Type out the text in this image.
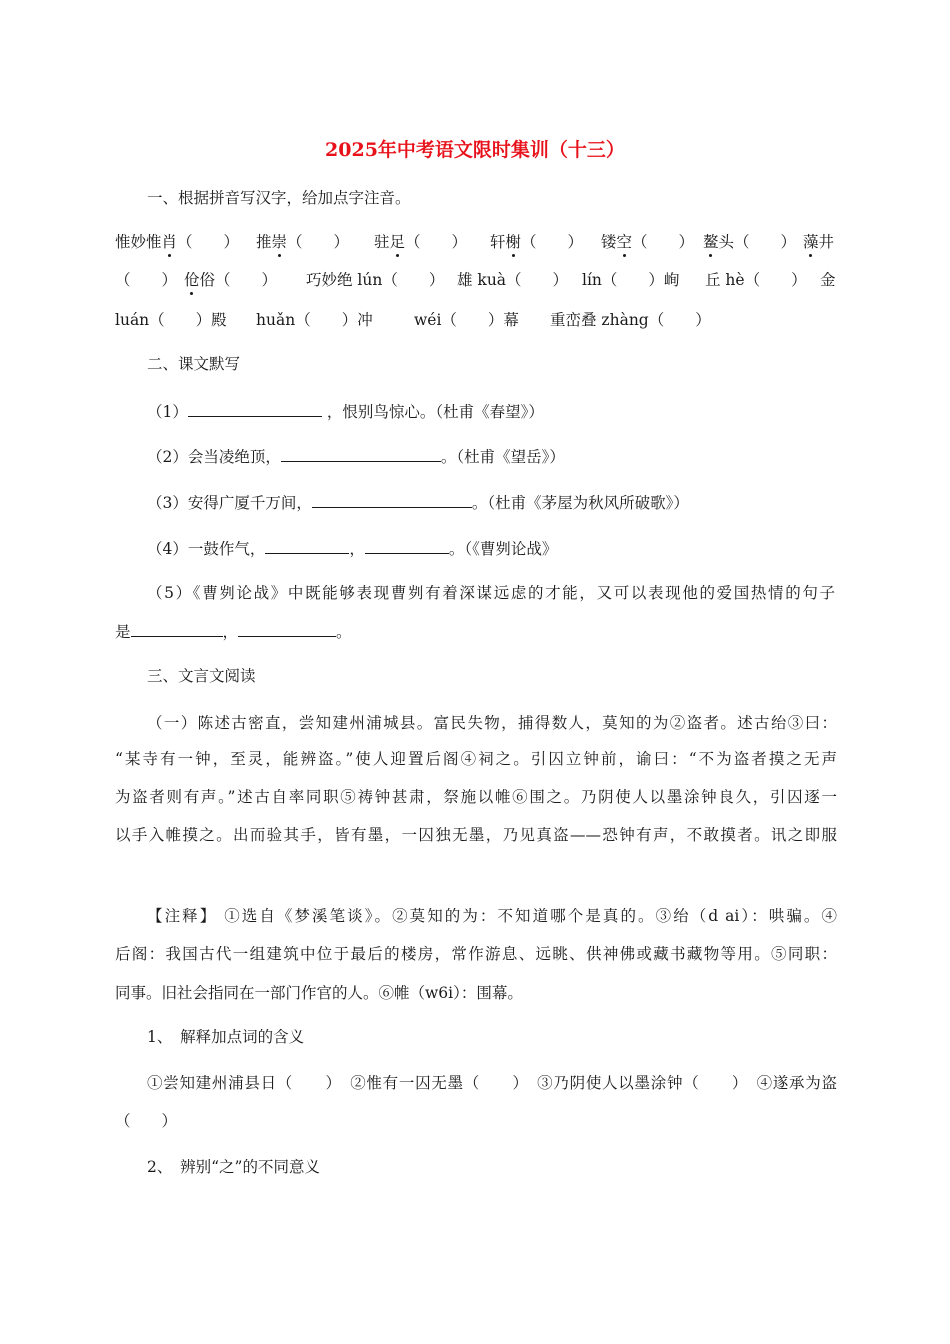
2025年中考语文限时集训（十三）
一、根据拼音写汉字，给加点字注音。
惟妙惟肖（　　） 推崇（　　） 驻足（　　） 轩榭（　　） 镂空（　　） 鳌头（　　） 藻井
（　　） 伧俗（　　） 巧妙绝 lún（　　） 雄 kuà（　　） lín（　　）峋 丘 hè（　　） 金
luán（　　）殿 huǎn（　　）冲	wéi（　　）幕 重峦叠 zhàng（　　）
二、课文默写
（1）	，恨别鸟惊心。（杜甫《春望》）
（2）会当凌绝顶，	。（杜甫《望岳》）
（3）安得广厦千万间，	。（杜甫《茅屋为秋风所破歌》）
（4）一鼓作气，	，	。（《曹刿论战》
（5）《曹刿论战》中既能够表现曹刿有着深谋远虑的才能，又可以表现他的爱国热情的句子
是	，	。
三、文言文阅读
（一）陈述古密直，尝知建州浦城县。富民失物，捕得数人，莫知的为②盗者。述古绐③曰：
“某寺有一钟，至灵，能辨盗。”使人迎置后阁④祠之。引囚立钟前，谕曰：“不为盗者摸之无声
为盗者则有声。”述古自率同职⑤祷钟甚肃，祭施以帷⑥围之。乃阴使人以墨涂钟良久，引囚逐一
以手入帷摸之。出而验其手，皆有墨，一囚独无墨，乃见真盗——恐钟有声，不敢摸者。讯之即服
【注释】 ①选自《梦溪笔谈》。②莫知的为：不知道哪个是真的。③绐（d ai）：哄骗。④
后阁：我国古代一组建筑中位于最后的楼房，常作游息、远眺、供神佛或藏书藏物等用。⑤同职：
同事。旧社会指同在一部门作官的人。⑥帷（w6i）：围幕。
1、　解释加点词的含义
①尝知建州浦县日（　　）　②惟有一囚无墨（　　）　③乃阴使人以墨涂钟（　　）　④遂承为盗
（　　）
2、　辨别“之”的不同意义
